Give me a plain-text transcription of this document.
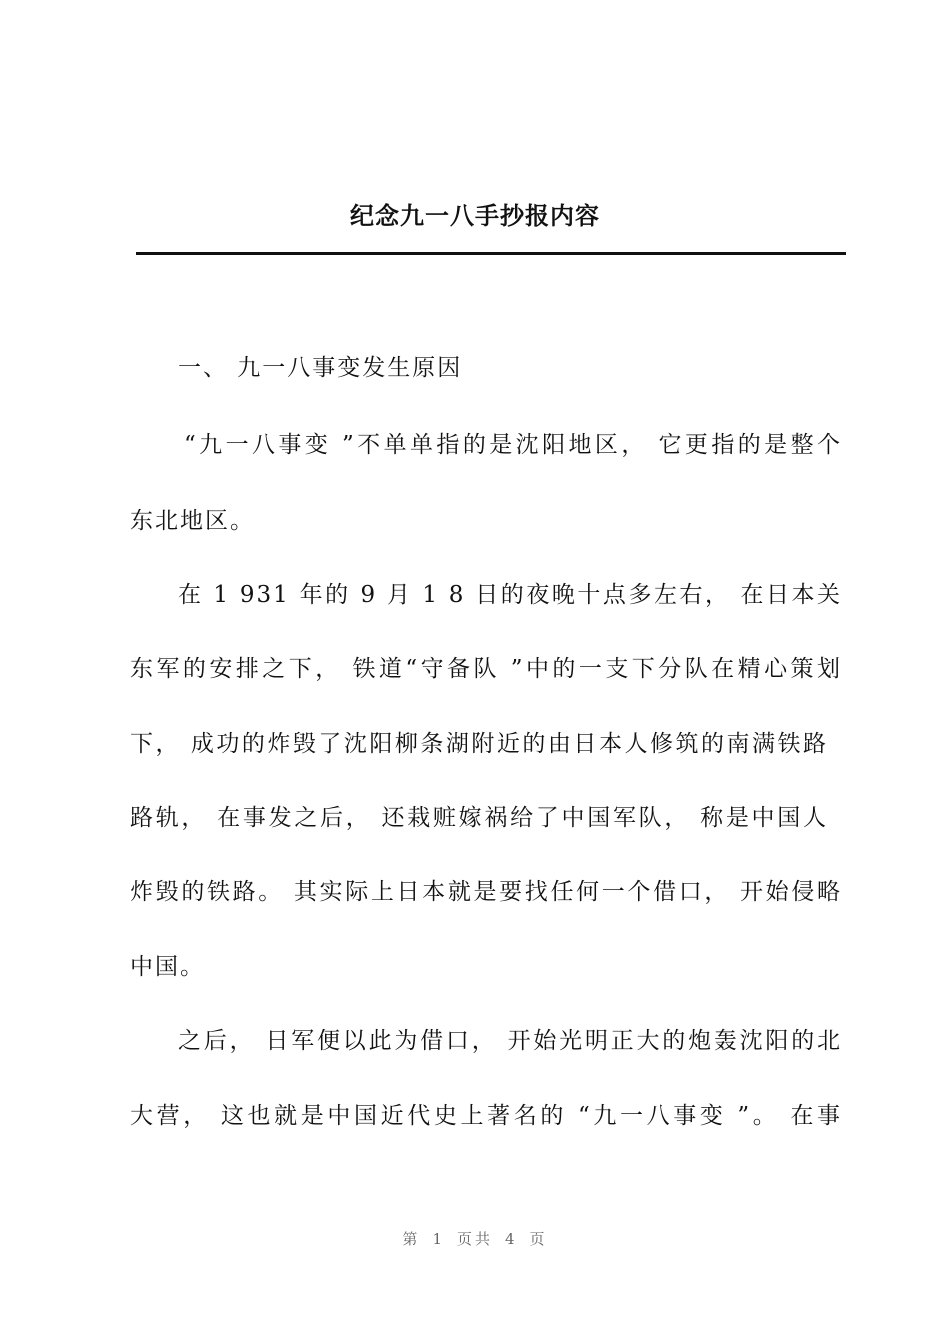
纪念九一八手抄报内容
一、 九一八事变发生原因
“九一八事变 ”不单单指的是沈阳地区， 它更指的是整个
东北地区。
在 1 931 年的 9 月 1 8 日的夜晚十点多左右， 在日本关
东军的安排之下， 铁道“守备队 ”中的一支下分队在精心策划
下， 成功的炸毁了沈阳柳条湖附近的由日本人修筑的南满铁路
路轨， 在事发之后， 还栽赃嫁祸给了中国军队， 称是中国人
炸毁的铁路。 其实际上日本就是要找任何一个借口， 开始侵略
中国。
之后， 日军便以此为借口， 开始光明正大的炮轰沈阳的北
大营， 这也就是中国近代史上著名的 “九一八事变 ”。 在事
第 1 页共 4 页
